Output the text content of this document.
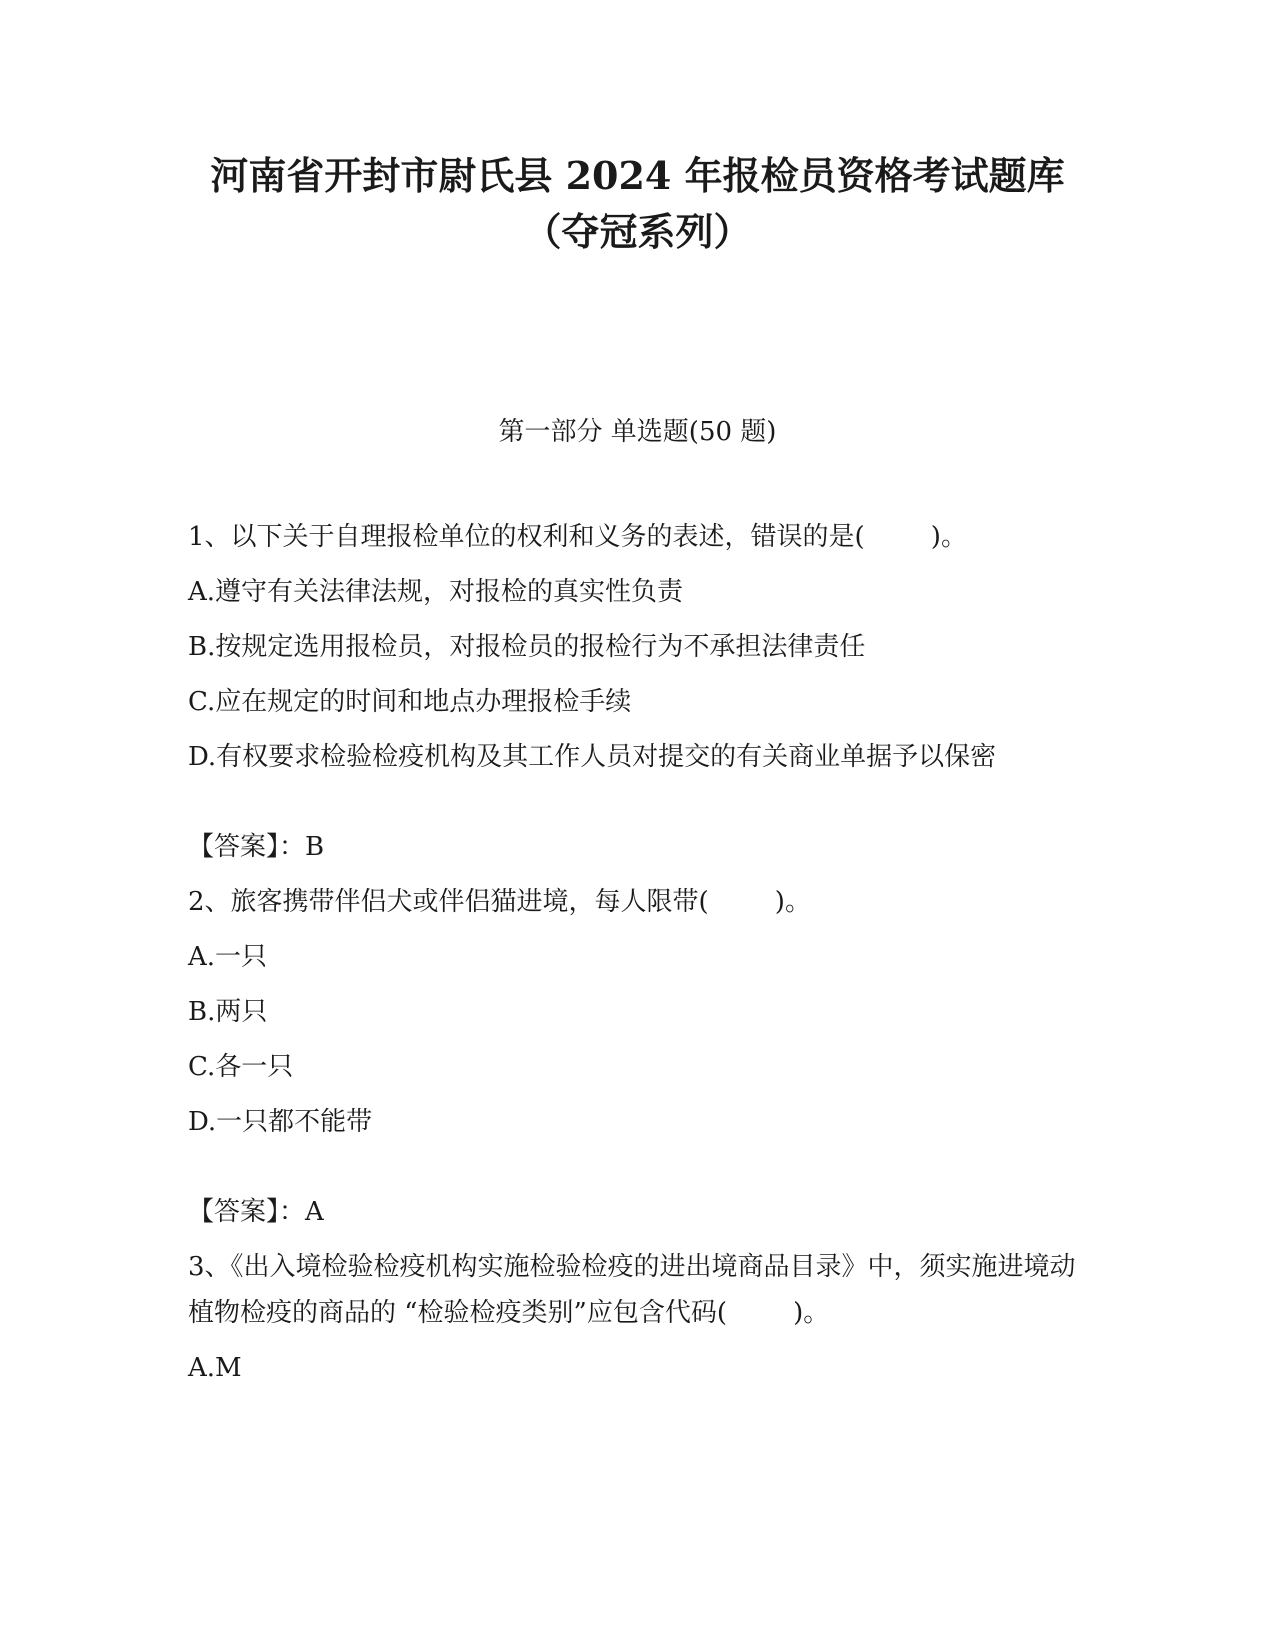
河南省开封市尉氏县 2024 年报检员资格考试题库
（夺冠系列）
第一部分 单选题(50 题)
1、以下关于自理报检单位的权利和义务的表述，错误的是(        )。
A.遵守有关法律法规，对报检的真实性负责
B.按规定选用报检员，对报检员的报检行为不承担法律责任
C.应在规定的时间和地点办理报检手续
D.有权要求检验检疫机构及其工作人员对提交的有关商业单据予以保密
【答案】：B
2、旅客携带伴侣犬或伴侣猫进境，每人限带(        )。
A.一只
B.两只
C.各一只
D.一只都不能带
【答案】：A
3、《出入境检验检疫机构实施检验检疫的进出境商品目录》中，须实施进境动植物检疫的商品的 “检验检疫类别”应包含代码(        )。
A.M
